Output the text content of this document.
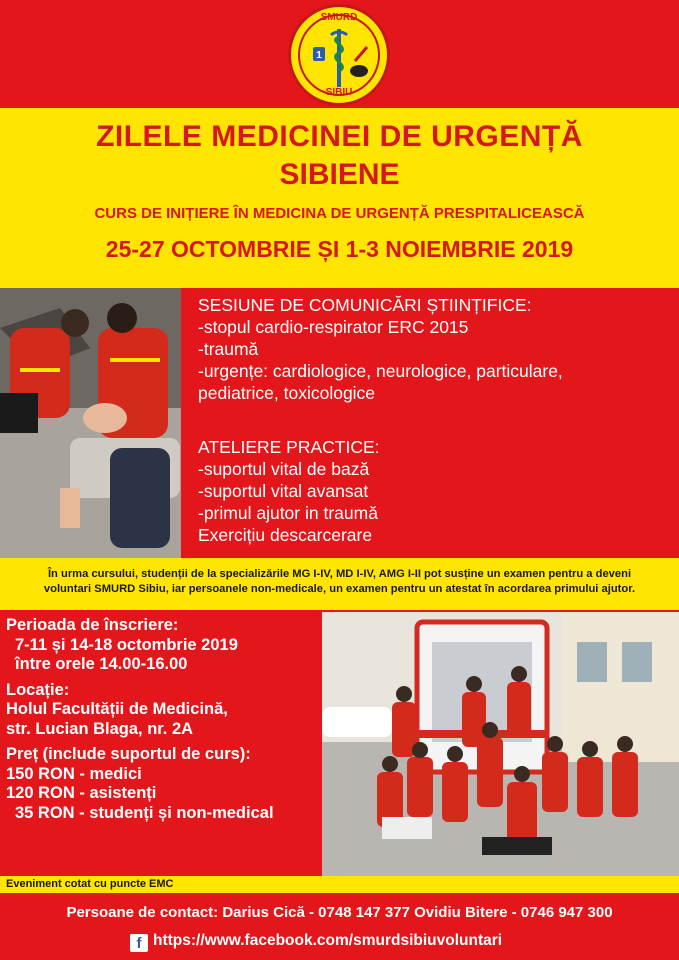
1
SMURD
SIBIU
ZILELE MEDICINEI DE URGENȚĂ
SIBIENE
CURS DE INIȚIERE ÎN MEDICINA DE URGENȚĂ PRESPITALICEASCĂ
25-27 OCTOMBRIE ȘI 1-3 NOIEMBRIE 2019
SESIUNE DE COMUNICĂRI ȘTIINȚIFICE:
-stopul cardio-respirator ERC 2015
-traumă
-urgențe: cardiologice, neurologice, particulare,
pediatrice, toxicologice
ATELIERE PRACTICE:
-suportul vital de bază
-suportul vital avansat
-primul ajutor in traumă
Exercițiu descarcerare
În urma cursului, studenții de la specializările MG I-IV, MD I-IV, AMG I-II pot susține un examen pentru a deveni
voluntari SMURD Sibiu, iar persoanele non-medicale, un examen pentru un atestat în acordarea primului ajutor.
Perioada de înscriere:
7-11 și 14-18 octombrie 2019
între orele 14.00-16.00
Locație:
Holul Facultății de Medicină,
str. Lucian Blaga, nr. 2A
Preț (include suportul de curs):
150 RON - medici
120 RON - asistenți
35 RON - studenți și non-medical
Eveniment cotat cu puncte EMC
Persoane de contact: Darius Cică - 0748 147 377 Ovidiu Bitere - 0746 947 300
f https://www.facebook.com/smurdsibiuvoluntari
